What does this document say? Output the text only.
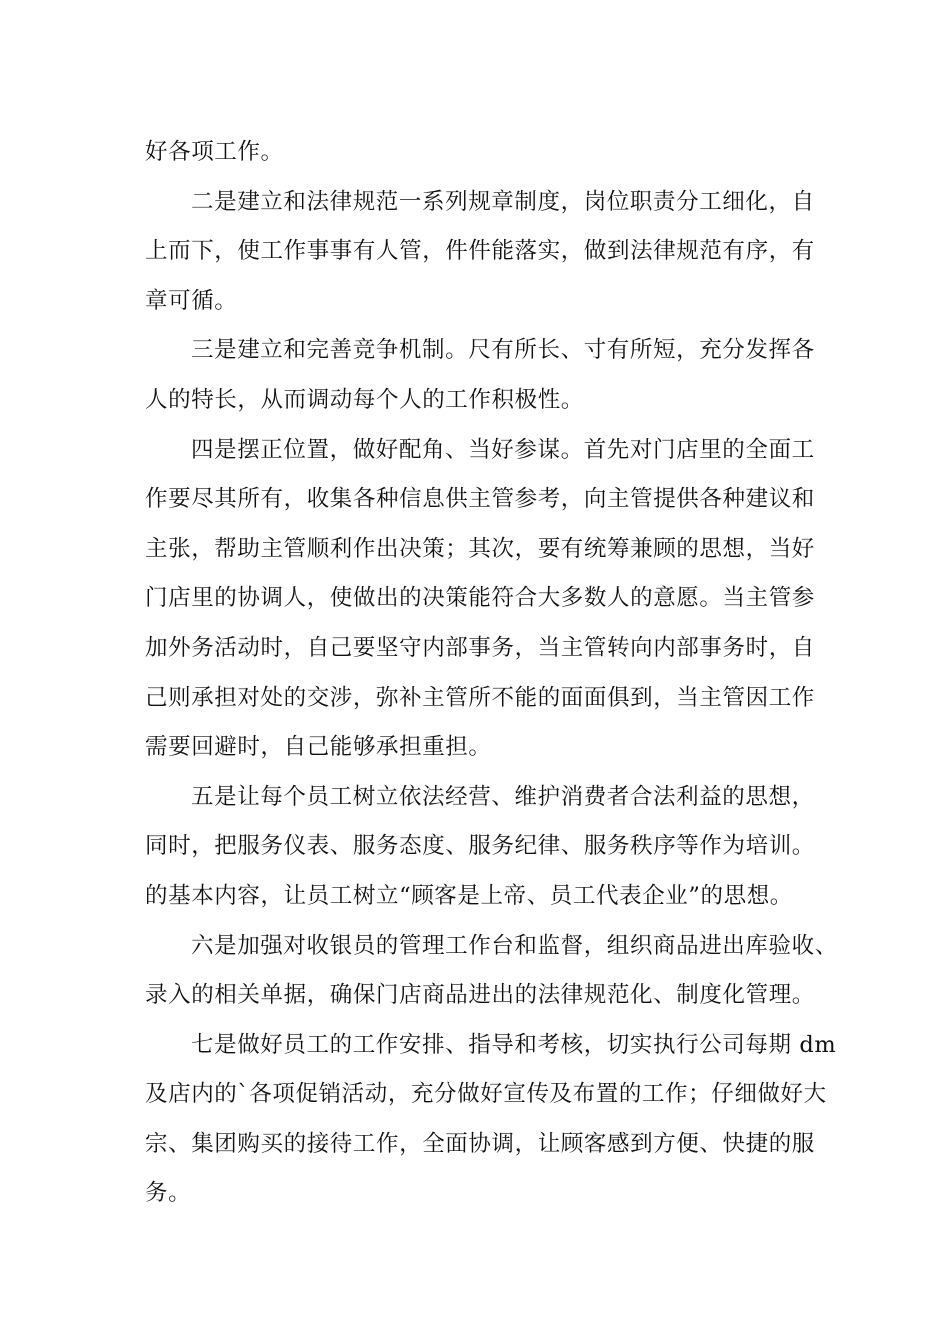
好各项工作。
二是建立和法律规范一系列规章制度，岗位职责分工细化，自
上而下，使工作事事有人管，件件能落实，做到法律规范有序，有
章可循。
三是建立和完善竞争机制。尺有所长、寸有所短，充分发挥各
人的特长，从而调动每个人的工作积极性。
四是摆正位置，做好配角、当好参谋。首先对门店里的全面工
作要尽其所有，收集各种信息供主管参考，向主管提供各种建议和
主张，帮助主管顺利作出决策；其次，要有统筹兼顾的思想，当好
门店里的协调人，使做出的决策能符合大多数人的意愿。当主管参
加外务活动时，自己要坚守内部事务，当主管转向内部事务时，自
己则承担对处的交涉，弥补主管所不能的面面俱到，当主管因工作
需要回避时，自己能够承担重担。
五是让每个员工树立依法经营、维护消费者合法利益的思想，
同时，把服务仪表、服务态度、服务纪律、服务秩序等作为培训。
的基本内容，让员工树立“顾客是上帝、员工代表企业”的思想。
六是加强对收银员的管理工作台和监督，组织商品进出库验收、
录入的相关单据，确保门店商品进出的法律规范化、制度化管理。
七是做好员工的工作安排、指导和考核，切实执行公司每期 dm
及店内的`各项促销活动，充分做好宣传及布置的工作；仔细做好大
宗、集团购买的接待工作，全面协调，让顾客感到方便、快捷的服
务。
